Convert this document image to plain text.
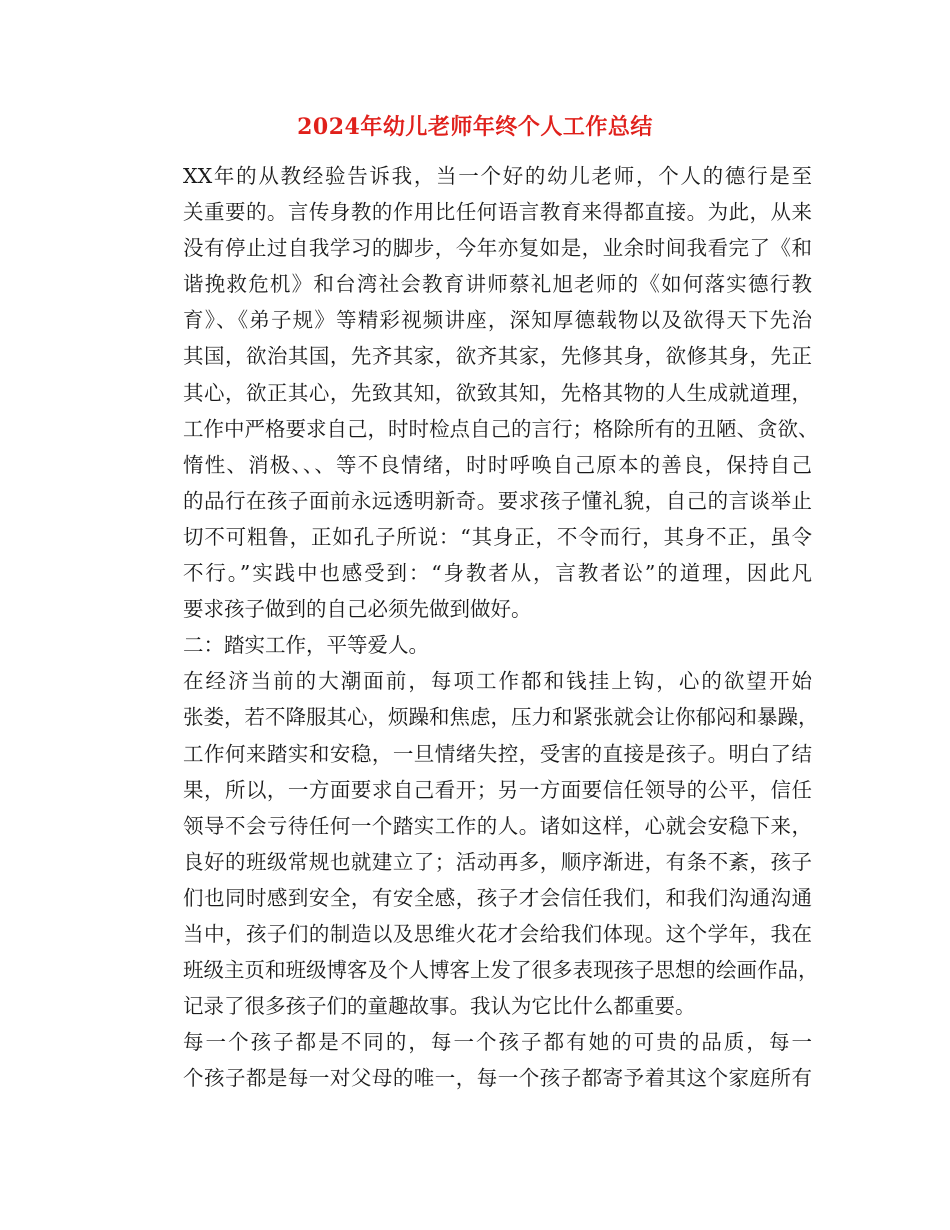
2024年幼儿老师年终个人工作总结

XX年的从教经验告诉我，当一个好的幼儿老师，个人的德行是至
关重要的。言传身教的作用比任何语言教育来得都直接。为此，从来
没有停止过自我学习的脚步，今年亦复如是，业余时间我看完了《和
谐挽救危机》和台湾社会教育讲师蔡礼旭老师的《如何落实德行教
育》、《弟子规》等精彩视频讲座，深知厚德载物以及欲得天下先治
其国，欲治其国，先齐其家，欲齐其家，先修其身，欲修其身，先正
其心，欲正其心，先致其知，欲致其知，先格其物的人生成就道理，
工作中严格要求自己，时时检点自己的言行；格除所有的丑陋、贪欲、
惰性、消极、、、等不良情绪，时时呼唤自己原本的善良，保持自己
的品行在孩子面前永远透明新奇。要求孩子懂礼貌，自己的言谈举止
切不可粗鲁，正如孔子所说：“其身正，不令而行，其身不正，虽令
不行。”实践中也感受到：“身教者从，言教者讼”的道理，因此凡
要求孩子做到的自己必须先做到做好。

二：踏实工作，平等爱人。

在经济当前的大潮面前，每项工作都和钱挂上钩，心的欲望开始
张娄，若不降服其心，烦躁和焦虑，压力和紧张就会让你郁闷和暴躁，
工作何来踏实和安稳，一旦情绪失控，受害的直接是孩子。明白了结
果，所以，一方面要求自己看开；另一方面要信任领导的公平，信任
领导不会亏待任何一个踏实工作的人。诸如这样，心就会安稳下来，
良好的班级常规也就建立了；活动再多，顺序渐进，有条不紊，孩子
们也同时感到安全，有安全感，孩子才会信任我们，和我们沟通沟通
当中，孩子们的制造以及思维火花才会给我们体现。这个学年，我在
班级主页和班级博客及个人博客上发了很多表现孩子思想的绘画作品，
记录了很多孩子们的童趣故事。我认为它比什么都重要。

每一个孩子都是不同的，每一个孩子都有她的可贵的品质，每一
个孩子都是每一对父母的唯一，每一个孩子都寄予着其这个家庭所有
